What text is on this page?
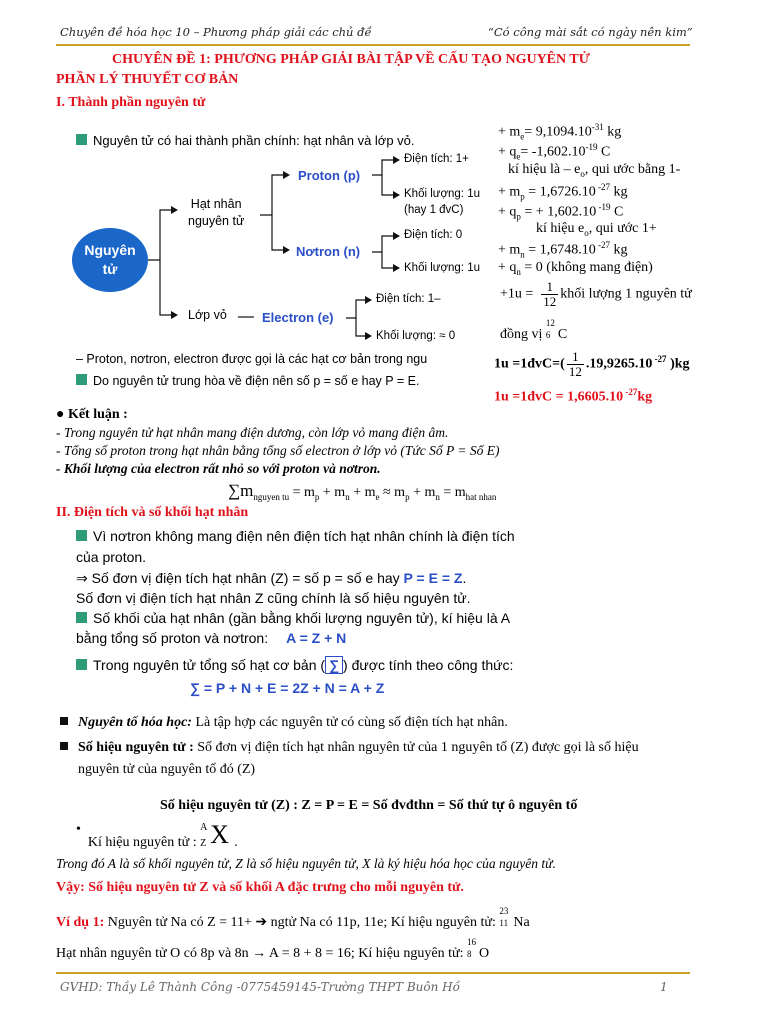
Chuyên đề hóa học 10 – Phương pháp giải các chủ đề	“Có công mài sắt có ngày nên kim”
CHUYÊN ĐỀ 1: PHƯƠNG PHÁP GIẢI BÀI TẬP VỀ CẤU TẠO NGUYÊN TỬ
PHẦN LÝ THUYẾT CƠ BẢN
I. Thành phần nguyên tử
Nguyên tử có hai thành phần chính: hạt nhân và lớp vỏ.
Nguyên
tử
Hạt nhân
nguyên tử
Lớp vỏ
Proton (p)
Nơtron (n)
Electron (e)
Điện tích: 1+
Khối lượng: 1u
(hay 1 đvC)
Điện tích: 0
Khối lượng: 1u
Điện tích: 1–
Khối lượng: ≈ 0
– Proton, nơtron, electron được gọi là các hạt cơ bản trong ngu
Do nguyên tử trung hòa về điện nên số p = số e hay P = E.
+ $m_e= 9,1094.10^{-31}$ kg
+ $q_e= -1,602.10^{-19}$ C
kí hiệu là – $e_o$, qui ước bằng 1-
+ $m_p = 1,6726.10$ $^{-27}$ kg
+ $q_p$ = + 1,602.10 $^{-19}$ C
kí hiệu $e_o$, qui ước 1+
+ $m_n = 1,6748.10$ $^{-27}$ kg
+ $q_n = 0$ (không mang điện)
$+1u = \frac{1}{12}$ khối lượng 1 nguyên tử
đồng vị
12
6 C
1u =1đvC=( $\frac{1}{12} .19,9265.10$ $^{-27}$ )kg
1u =1đvC = 1,6605.10 $^{-27}$kg
● Kết luận :
- Trong nguyên tử hạt nhân mang điện dương, còn lớp vỏ mang điện âm.
- Tổng số proton trong hạt nhân bằng tổng số electron ở lớp vỏ (Tức Số P = Số E)
- Khối lượng của electron rất nhỏ so với proton và nơtron.
$\sum m_{nguyen tu} = m_p + m_n + m_e \approx m_p + m_n = m_{hat nhan}$
II. Điện tích và số khối hạt nhân
Vì nơtron không mang điện nên điện tích hạt nhân chính là điện tích
của proton.
⇒ Số đơn vị điện tích hạt nhân (Z) = số p = số e hay P = E = Z.
Số đơn vị điện tích hạt nhân Z cũng chính là số hiệu nguyên tử.
Số khối của hạt nhân (gần bằng khối lượng nguyên tử), kí hiệu là A
bằng tổng số proton và nơtron: A = Z + N
Trong nguyên tử tổng số hạt cơ bản ( ∑ ) được tính theo công thức:
∑ = P + N + E = 2Z + N = A + Z
Nguyên tố hóa học: Là tập hợp các nguyên tử có cùng số điện tích hạt nhân.
Số hiệu nguyên tử : Số đơn vị điện tích hạt nhân nguyên tử của 1 nguyên tố (Z) được gọi là số hiệu
nguyên tử của nguyên tố đó (Z)
Số hiệu nguyên tử (Z) : Z = P = E = Số đvđthn = Số thứ tự ô nguyên tố
•  Kí hiệu nguyên tử :
A
Z X .
Trong đó A là số khối nguyên tử, Z là số hiệu nguyên tử, X là ký hiệu hóa học của nguyên tử.
Vậy: Số hiệu nguyên tử Z và số khối A đặc trưng cho mỗi nguyên tử.
Ví dụ 1: Nguyên tử Na có Z = 11+ ➔ ngtử Na có 11p, 11e; Kí hiệu nguyên tử:
23
11 Na
Hạt nhân nguyên tử O có 8p và 8n → A = 8 + 8 = 16; Kí hiệu nguyên tử:
16
8 O
GVHD: Thầy Lê Thành Công -0775459145-Trường THPT Buôn Hồ	1
